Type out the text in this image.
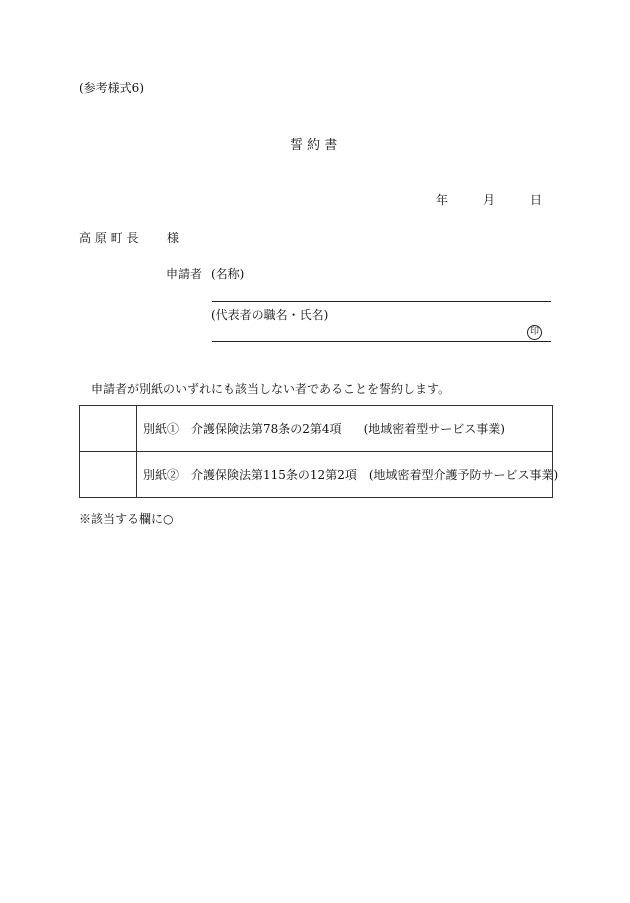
(参考様式6)
誓 約 書
年	月	日
高 原 町 長 様
申請者 (名称)
(代表者の職名・氏名)
印
申請者が別紙のいずれにも該当しない者であることを誓約します。
	別紙① 介護保険法第78条の2第4項 (地域密着型サービス事業)
	別紙② 介護保険法第115条の12第2項 (地域密着型介護予防サービス事業)
※該当する欄に○
